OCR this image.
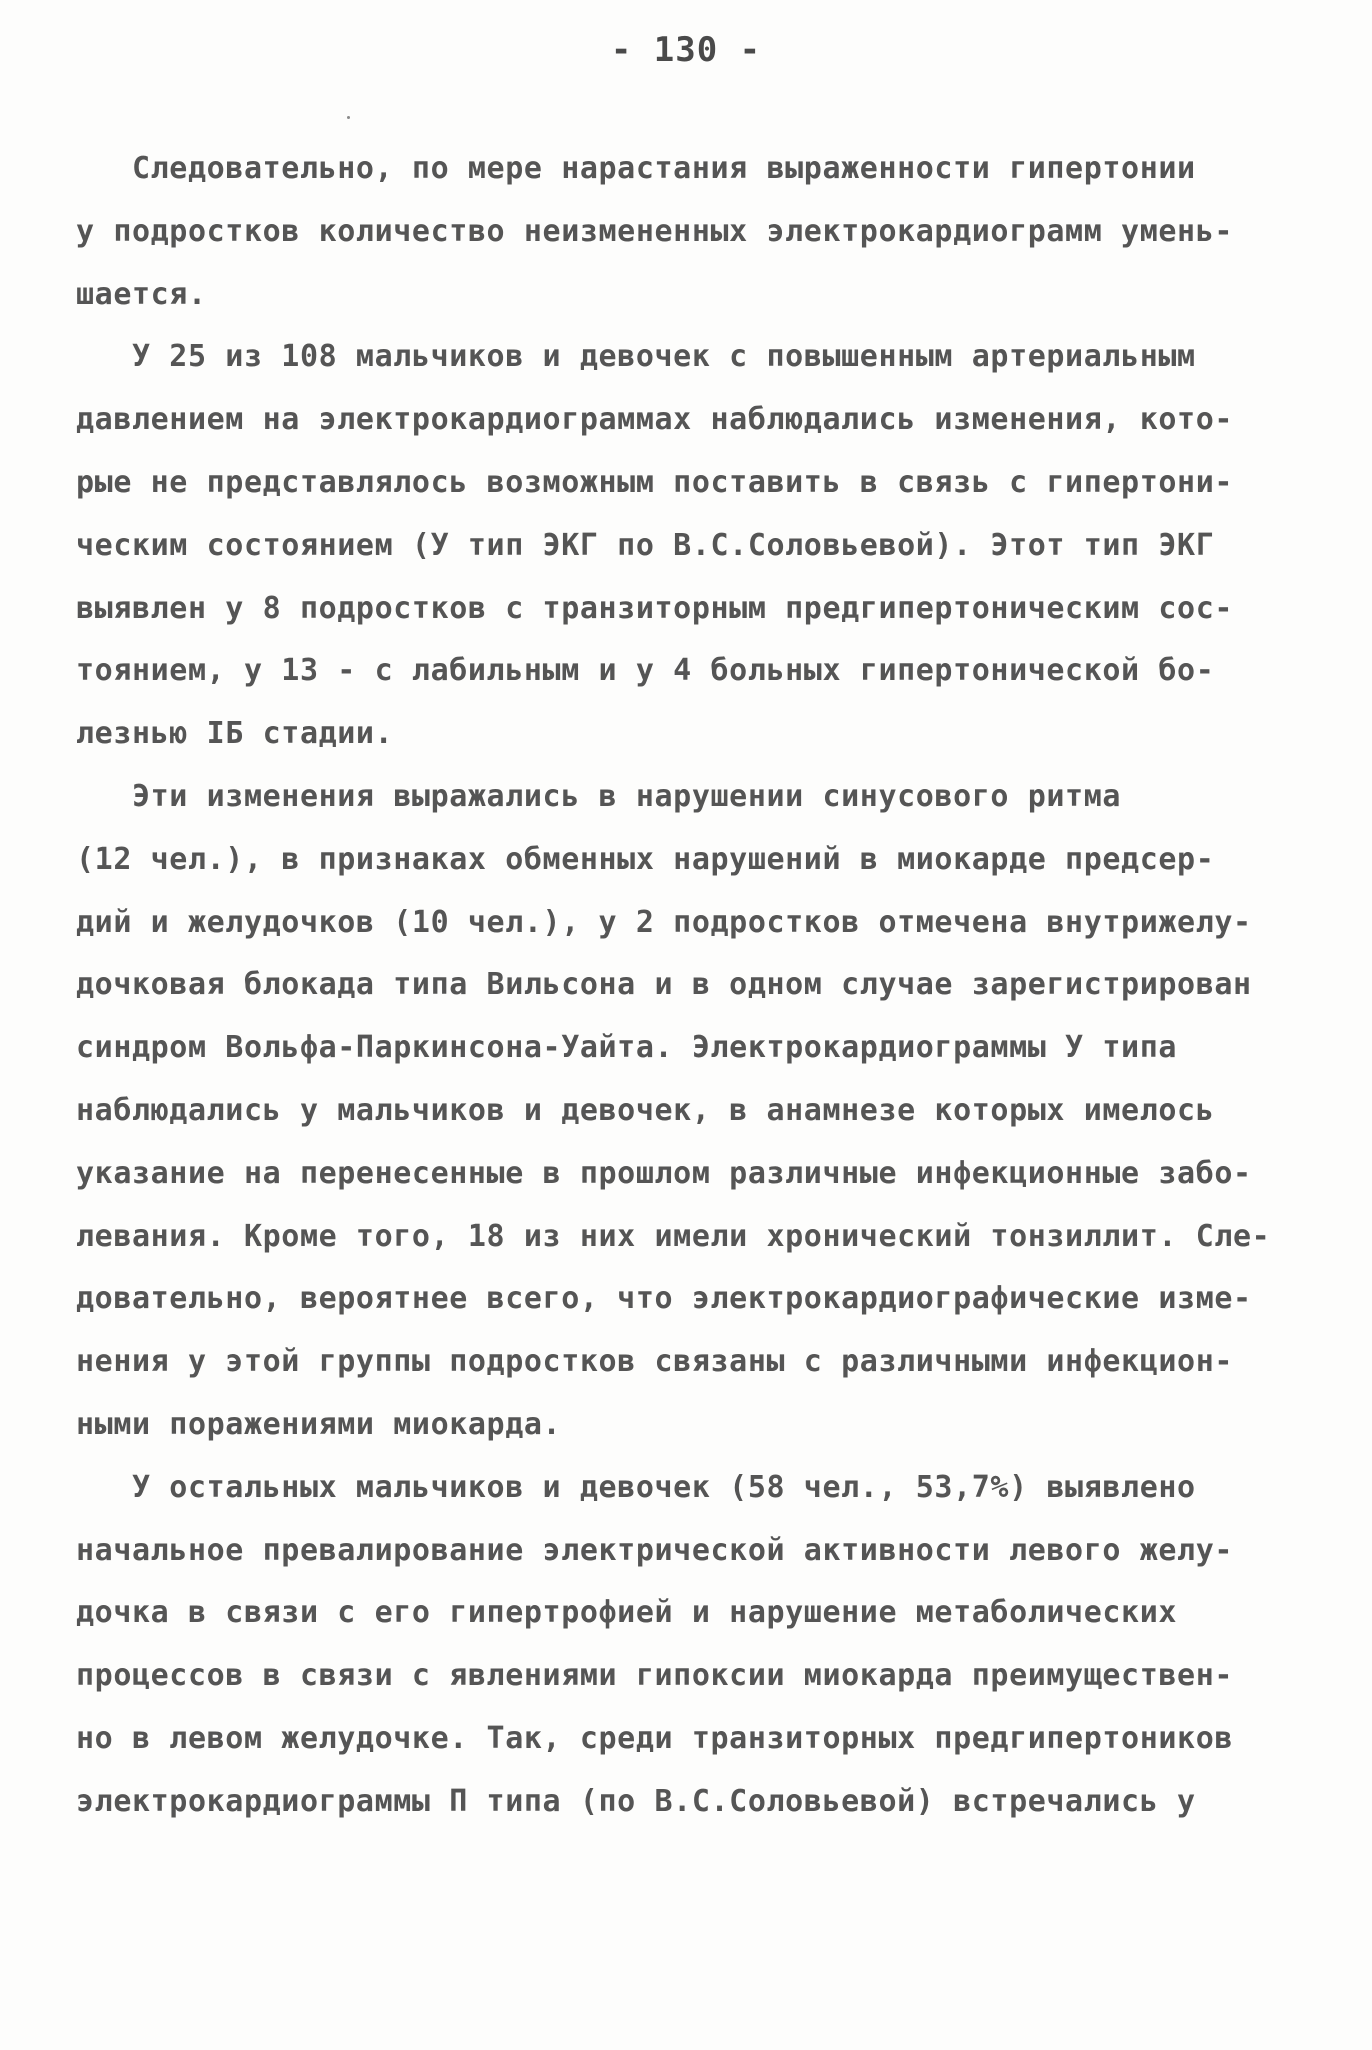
- 130 -
Следовательно, по мере нарастания выраженности гипертонии
у подростков количество неизмененных электрокардиограмм умень-
шается.
У 25 из 108 мальчиков и девочек с повышенным артериальным
давлением на электрокардиограммах наблюдались изменения, кото-
рые не представлялось возможным поставить в связь с гипертони-
ческим состоянием (У тип ЭКГ по В.С.Соловьевой). Этот тип ЭКГ
выявлен у 8 подростков с транзиторным предгипертоническим сос-
тоянием, у 13 - с лабильным и у 4 больных гипертонической бо-
лезнью IБ стадии.
Эти изменения выражались в нарушении синусового ритма
(12 чел.), в признаках обменных нарушений в миокарде предсер-
дий и желудочков (10 чел.), у 2 подростков отмечена внутрижелу-
дочковая блокада типа Вильсона и в одном случае зарегистрирован
синдром Вольфа-Паркинсона-Уайта. Электрокардиограммы У типа
наблюдались у мальчиков и девочек, в анамнезе которых имелось
указание на перенесенные в прошлом различные инфекционные забо-
левания. Кроме того, 18 из них имели хронический тонзиллит. Сле-
довательно, вероятнее всего, что электрокардиографические изме-
нения у этой группы подростков связаны с различными инфекцион-
ными поражениями миокарда.
У остальных мальчиков и девочек (58 чел., 53,7%) выявлено
начальное превалирование электрической активности левого желу-
дочка в связи с его гипертрофией и нарушение метаболических
процессов в связи с явлениями гипоксии миокарда преимуществен-
но в левом желудочке. Так, среди транзиторных предгипертоников
электрокардиограммы П типа (по В.С.Соловьевой) встречались у
